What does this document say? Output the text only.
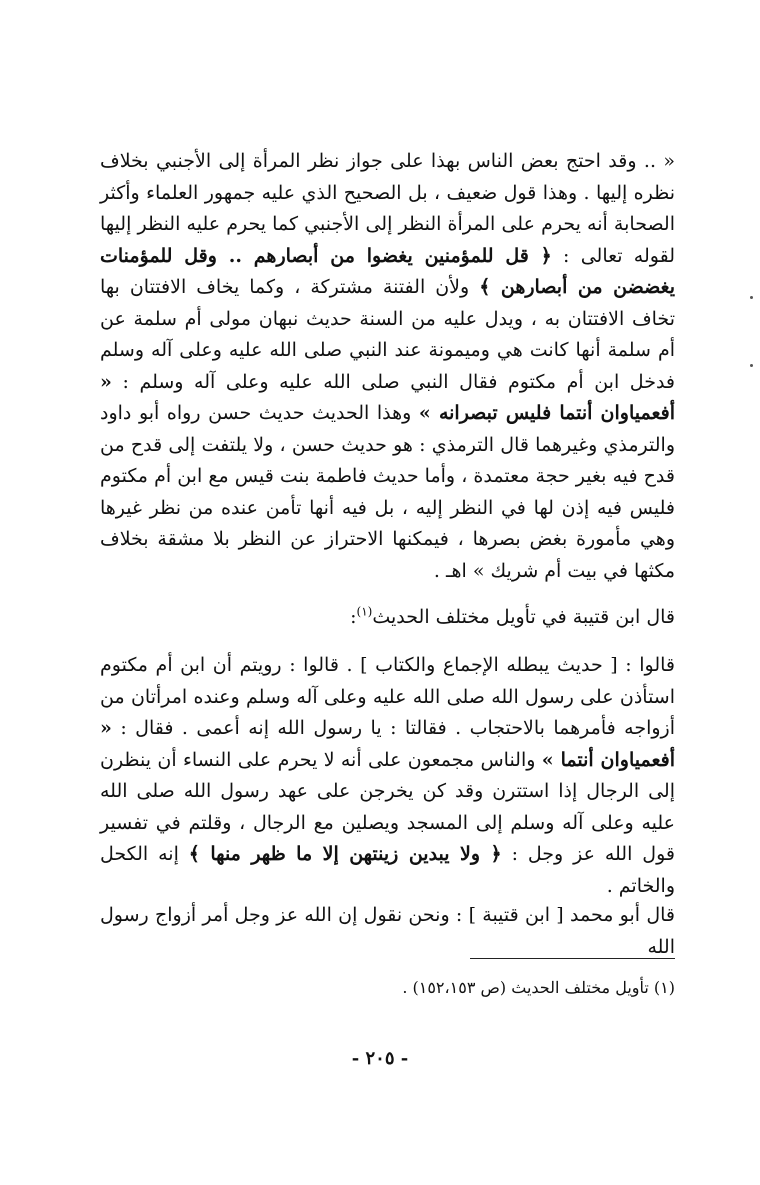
« .. وقد احتج بعض الناس بهذا على جواز نظر المرأة إلى الأجنبي بخلاف نظره إليها . وهذا قول ضعيف ، بل الصحيح الذي عليه جمهور العلماء وأكثر الصحابة أنه يحرم على المرأة النظر إلى الأجنبي كما يحرم عليه النظر إليها لقوله تعالى : ﴿ قل للمؤمنين يغضوا من أبصارهم .. وقل للمؤمنات يغضضن من أبصارهن ﴾ ولأن الفتنة مشتركة ، وكما يخاف الافتتان بها تخاف الافتتان به ، ويدل عليه من السنة حديث نبهان مولى أم سلمة عن أم سلمة أنها كانت هي وميمونة عند النبي صلى الله عليه وعلى آله وسلم فدخل ابن أم مكتوم فقال النبي صلى الله عليه وعلى آله وسلم : « أفعمياوان أنتما فليس تبصرانه » وهذا الحديث حديث حسن رواه أبو داود والترمذي وغيرهما قال الترمذي : هو حديث حسن ، ولا يلتفت إلى قدح من قدح فيه بغير حجة معتمدة ، وأما حديث فاطمة بنت قيس مع ابن أم مكتوم فليس فيه إذن لها في النظر إليه ، بل فيه أنها تأمن عنده من نظر غيرها وهي مأمورة بغض بصرها ، فيمكنها الاحتراز عن النظر بلا مشقة بخلاف مكثها في بيت أم شريك » اهـ .
قال ابن قتيبة في تأويل مختلف الحديث$^{(١)}$:
قالوا : [ حديث يبطله الإجماع والكتاب ] . قالوا : رويتم أن ابن أم مكتوم استأذن على رسول الله صلى الله عليه وعلى آله وسلم وعنده امرأتان من أزواجه فأمرهما بالاحتجاب . فقالتا : يا رسول الله إنه أعمى . فقال : « أفعمياوان أنتما » والناس مجمعون على أنه لا يحرم على النساء أن ينظرن إلى الرجال إذا استترن وقد كن يخرجن على عهد رسول الله صلى الله عليه وعلى آله وسلم إلى المسجد ويصلين مع الرجال ، وقلتم في تفسير قول الله عز وجل : ﴿ ولا يبدين زينتهن إلا ما ظهر منها ﴾ إنه الكحل والخاتم .
قال أبو محمد [ ابن قتيبة ] : ونحن نقول إن الله عز وجل أمر أزواج رسول الله
(١) تأويل مختلف الحديث (ص ١٥٢،١٥٣) .
- ٢٠٥ -
